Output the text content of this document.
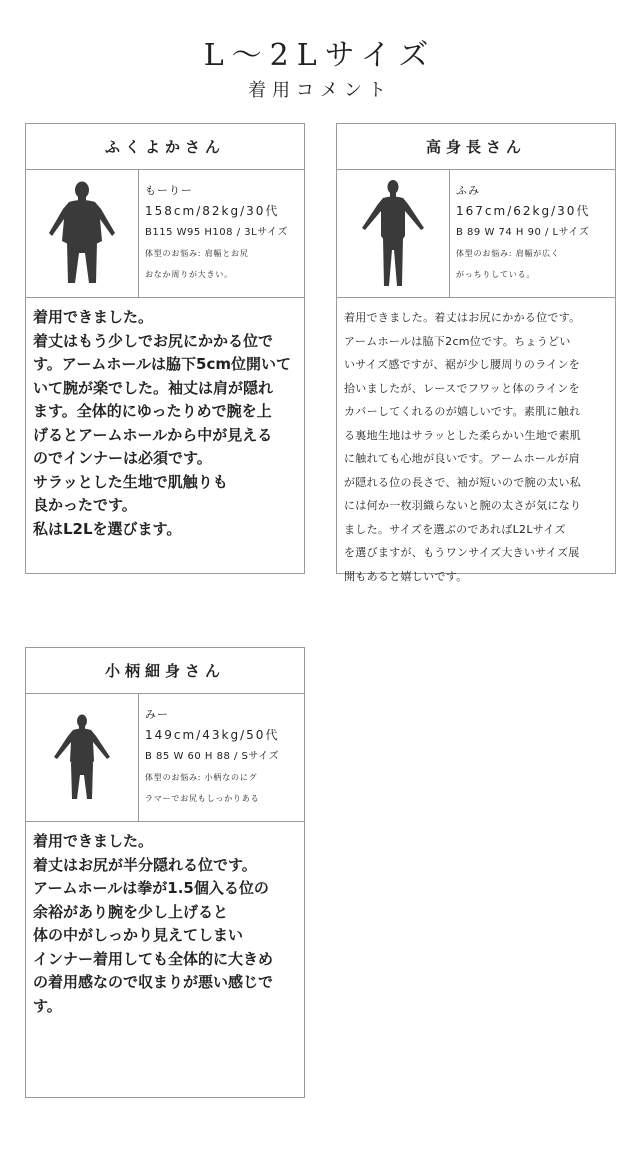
L～2Lサイズ
着用コメント
ふくよかさん
もーりー
158cm/82kg/30代
B115 W95 H108 / 3Lサイズ
体型のお悩み: 肩幅とお尻
おなか周りが大きい。
着用できました。
着丈はもう少しでお尻にかかる位で
す。アームホールは脇下5cm位開いて
いて腕が楽でした。袖丈は肩が隠れ
ます。全体的にゆったりめで腕を上
げるとアームホールから中が見える
のでインナーは必須です。
サラッとした生地で肌触りも
良かったです。
私はL2Lを選びます。
高身長さん
ふみ
167cm/62kg/30代
B 89 W 74 H 90 / Lサイズ
体型のお悩み: 肩幅が広く
がっちりしている。
着用できました。着丈はお尻にかかる位です。
アームホールは脇下2cm位です。ちょうどい
いサイズ感ですが、裾が少し腰周りのラインを
拾いましたが、レースでフワッと体のラインを
カバーしてくれるのが嬉しいです。素肌に触れ
る裏地生地はサラッとした柔らかい生地で素肌
に触れても心地が良いです。アームホールが肩
が隠れる位の長さで、袖が短いので腕の太い私
には何か一枚羽織らないと腕の太さが気になり
ました。サイズを選ぶのであればL2Lサイズ
を選びますが、もうワンサイズ大きいサイズ展
開もあると嬉しいです。
小柄細身さん
みー
149cm/43kg/50代
B 85 W 60 H 88 / Sサイズ
体型のお悩み: 小柄なのにグ
ラマーでお尻もしっかりある
着用できました。
着丈はお尻が半分隠れる位です。
アームホールは拳が1.5個入る位の
余裕があり腕を少し上げると
体の中がしっかり見えてしまい
インナー着用しても全体的に大きめ
の着用感なので収まりが悪い感じで
す。
